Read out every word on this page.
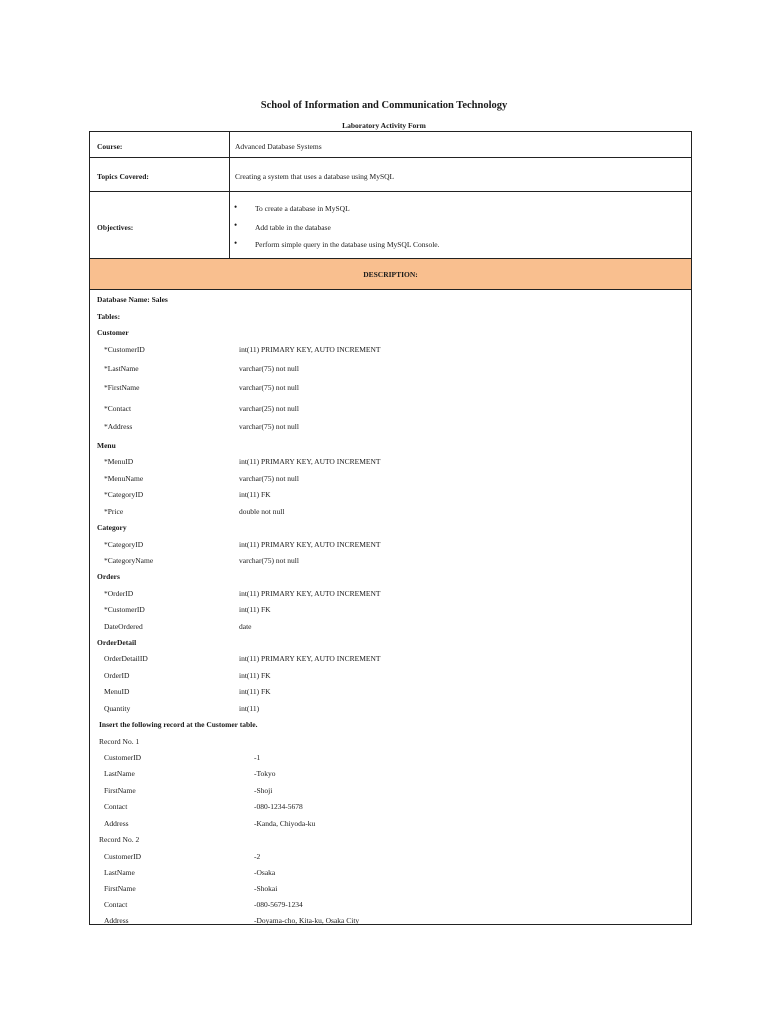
School of Information and Communication Technology
Laboratory Activity Form
Course:	Advanced Database Systems
Topics Covered:	Creating a system that uses a database using MySQL
Objectives:
• To create a database in MySQL
• Add table in the database
• Perform simple query in the database using MySQL Console.
DESCRIPTION:
Database Name: Sales
Tables:
Customer
*CustomerID	int(11) PRIMARY KEY, AUTO INCREMENT
*LastName	varchar(75) not null
*FirstName	varchar(75) not null
*Contact	varchar(25) not null
*Address	varchar(75) not null
Menu
*MenuID	int(11) PRIMARY KEY, AUTO INCREMENT
*MenuName	varchar(75) not null
*CategoryID	int(11) FK
*Price	double not null
Category
*CategoryID	int(11) PRIMARY KEY, AUTO INCREMENT
*CategoryName	varchar(75) not null
Orders
*OrderID	int(11) PRIMARY KEY, AUTO INCREMENT
*CustomerID	int(11) FK
DateOrdered	date
OrderDetail
OrderDetailID	int(11) PRIMARY KEY, AUTO INCREMENT
OrderID	int(11) FK
MenuID	int(11) FK
Quantity	int(11)
Insert the following record at the Customer table.
Record No. 1
CustomerID	-1
LastName	-Tokyo
FirstName	-Shoji
Contact	-080-1234-5678
Address	-Kanda, Chiyoda-ku
Record No. 2
CustomerID	-2
LastName	-Osaka
FirstName	-Shokai
Contact	-080-5679-1234
Address	-Doyama-cho, Kita-ku, Osaka City
